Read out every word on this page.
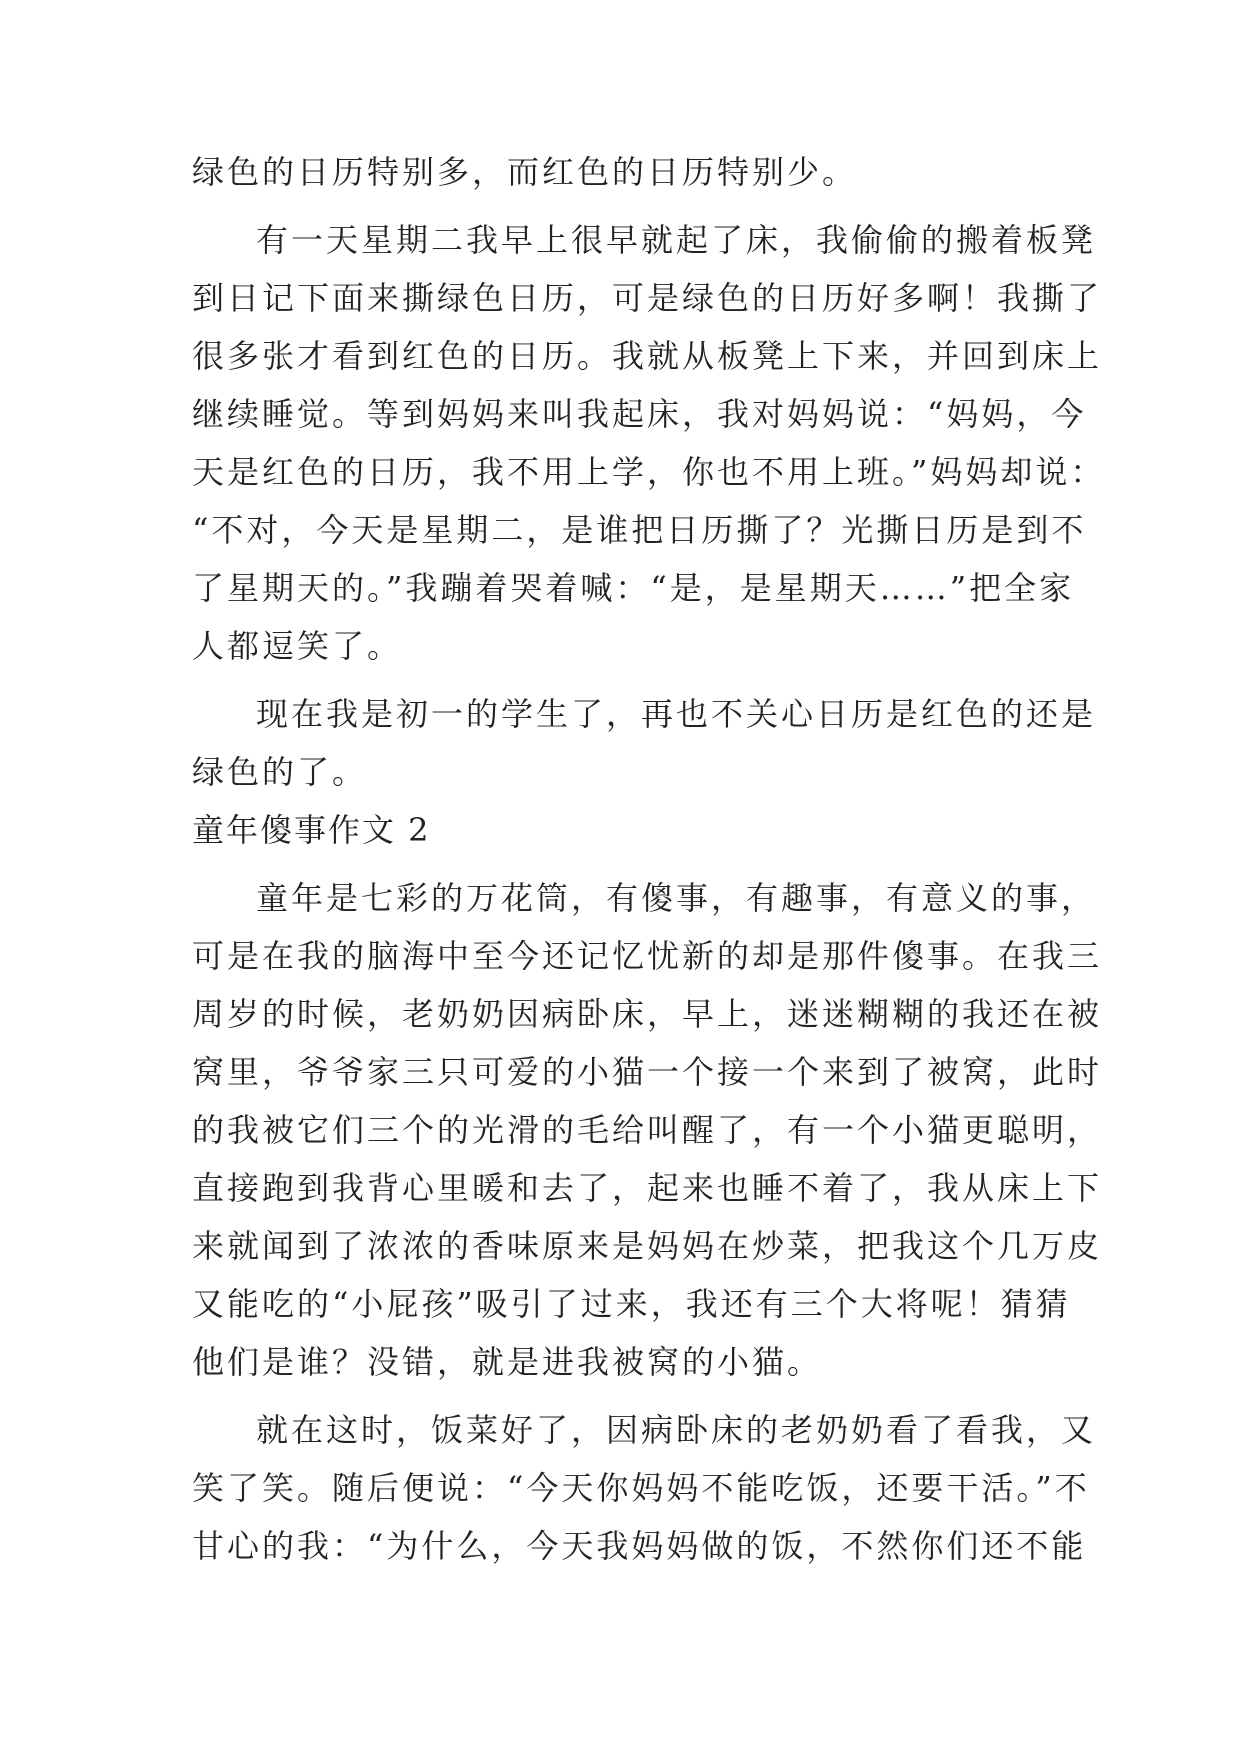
绿色的日历特别多，而红色的日历特别少。
有一天星期二我早上很早就起了床，我偷偷的搬着板凳
到日记下面来撕绿色日历，可是绿色的日历好多啊！我撕了
很多张才看到红色的日历。我就从板凳上下来，并回到床上
继续睡觉。等到妈妈来叫我起床，我对妈妈说：“妈妈，今
天是红色的日历，我不用上学，你也不用上班。”妈妈却说：
“不对，今天是星期二，是谁把日历撕了？光撕日历是到不
了星期天的。”我蹦着哭着喊：“是，是星期天……”把全家
人都逗笑了。
现在我是初一的学生了，再也不关心日历是红色的还是
绿色的了。
童年傻事作文 2
童年是七彩的万花筒，有傻事，有趣事，有意义的事，
可是在我的脑海中至今还记忆忧新的却是那件傻事。在我三
周岁的时候，老奶奶因病卧床，早上，迷迷糊糊的我还在被
窝里，爷爷家三只可爱的小猫一个接一个来到了被窝，此时
的我被它们三个的光滑的毛给叫醒了，有一个小猫更聪明，
直接跑到我背心里暖和去了，起来也睡不着了，我从床上下
来就闻到了浓浓的香味原来是妈妈在炒菜，把我这个几万皮
又能吃的“小屁孩”吸引了过来，我还有三个大将呢！猜猜
他们是谁？没错，就是进我被窝的小猫。
就在这时，饭菜好了，因病卧床的老奶奶看了看我，又
笑了笑。随后便说：“今天你妈妈不能吃饭，还要干活。”不
甘心的我：“为什么，今天我妈妈做的饭，不然你们还不能
